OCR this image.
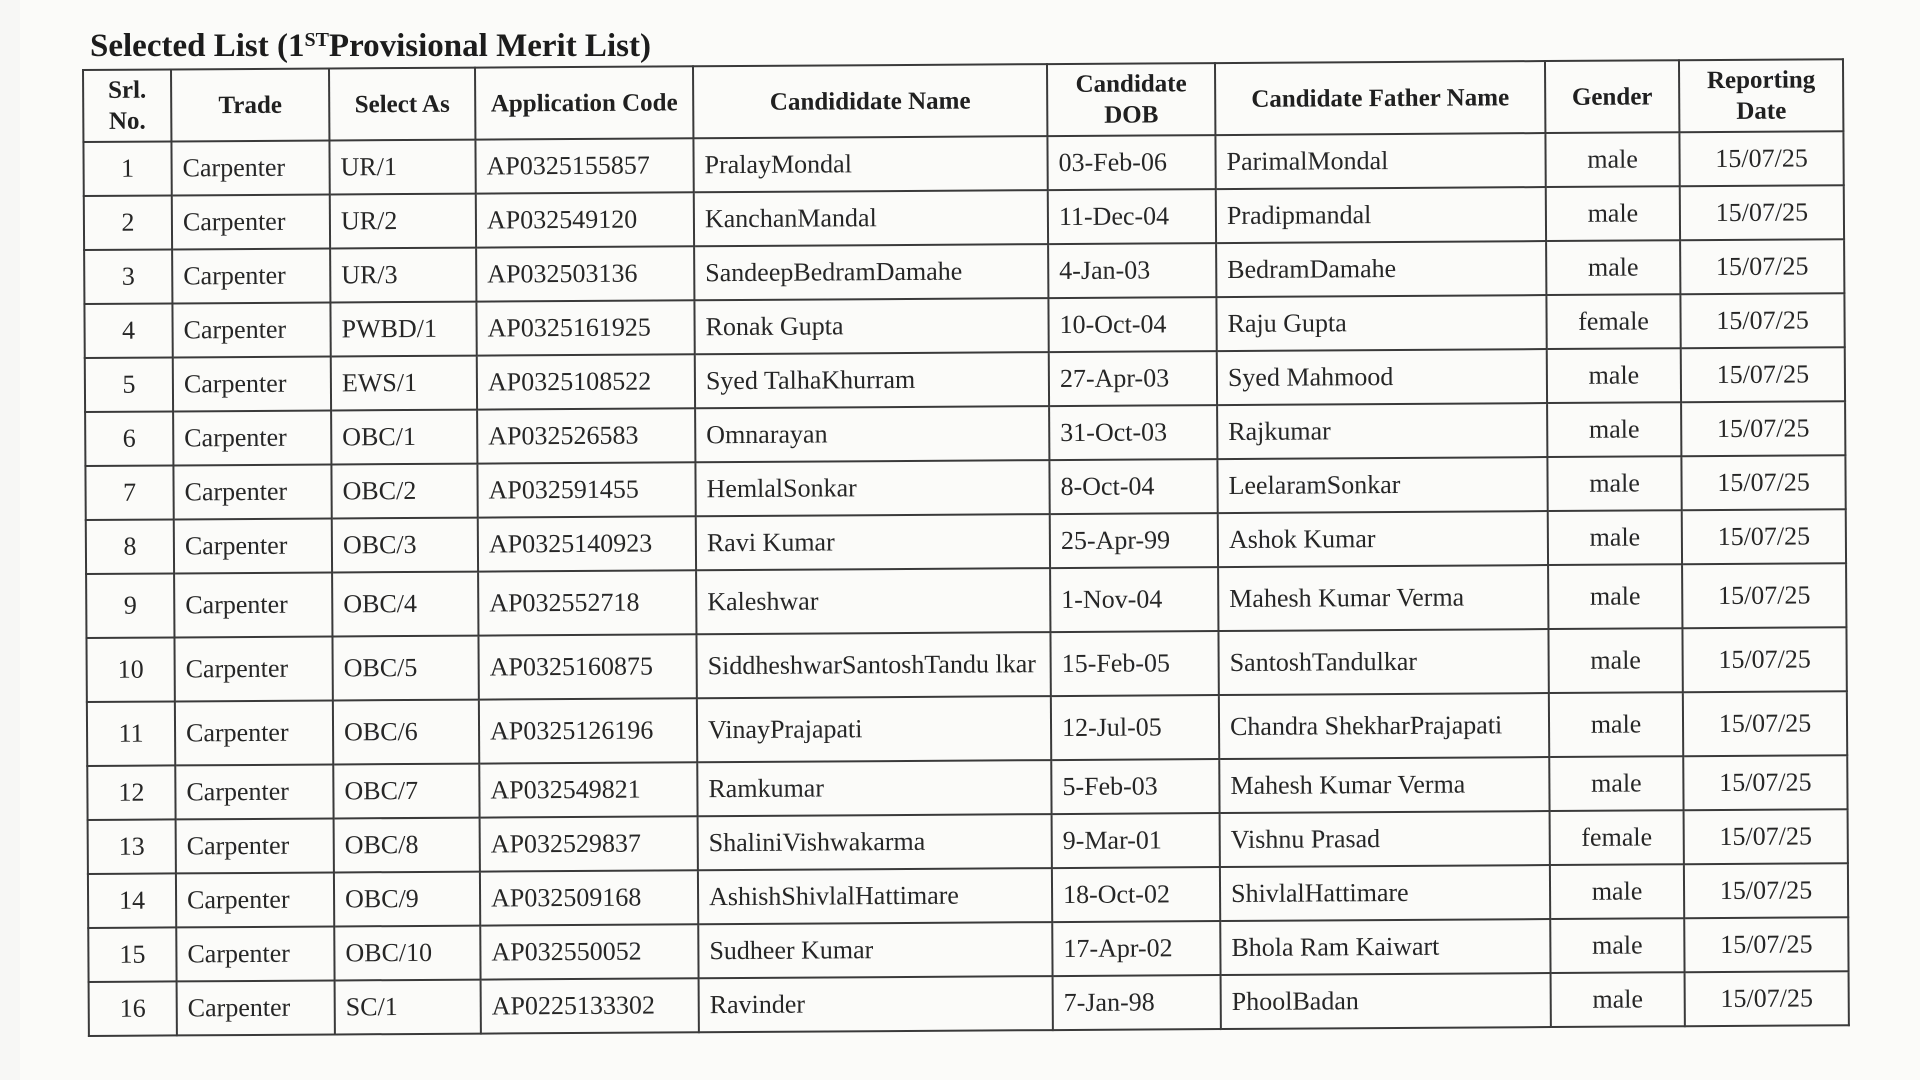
Selected List (1STProvisional Merit List)
Srl. No.	Trade	Select As	Application Code	Candididate Name	Candidate DOB	Candidate Father Name	Gender	Reporting Date
1	Carpenter	UR/1	AP0325155857	PralayMondal	03-Feb-06	ParimalMondal	male	15/07/25
2	Carpenter	UR/2	AP032549120	KanchanMandal	11-Dec-04	Pradipmandal	male	15/07/25
3	Carpenter	UR/3	AP032503136	SandeepBedramDamahe	4-Jan-03	BedramDamahe	male	15/07/25
4	Carpenter	PWBD/1	AP0325161925	Ronak Gupta	10-Oct-04	Raju Gupta	female	15/07/25
5	Carpenter	EWS/1	AP0325108522	Syed TalhaKhurram	27-Apr-03	Syed Mahmood	male	15/07/25
6	Carpenter	OBC/1	AP032526583	Omnarayan	31-Oct-03	Rajkumar	male	15/07/25
7	Carpenter	OBC/2	AP032591455	HemlalSonkar	8-Oct-04	LeelaramSonkar	male	15/07/25
8	Carpenter	OBC/3	AP0325140923	Ravi Kumar	25-Apr-99	Ashok Kumar	male	15/07/25
9	Carpenter	OBC/4	AP032552718	Kaleshwar	1-Nov-04	Mahesh Kumar Verma	male	15/07/25
10	Carpenter	OBC/5	AP0325160875	SiddheshwarSantoshTandu lkar	15-Feb-05	SantoshTandulkar	male	15/07/25
11	Carpenter	OBC/6	AP0325126196	VinayPrajapati	12-Jul-05	Chandra ShekharPrajapati	male	15/07/25
12	Carpenter	OBC/7	AP032549821	Ramkumar	5-Feb-03	Mahesh Kumar Verma	male	15/07/25
13	Carpenter	OBC/8	AP032529837	ShaliniVishwakarma	9-Mar-01	Vishnu Prasad	female	15/07/25
14	Carpenter	OBC/9	AP032509168	AshishShivlalHattimare	18-Oct-02	ShivlalHattimare	male	15/07/25
15	Carpenter	OBC/10	AP032550052	Sudheer Kumar	17-Apr-02	Bhola Ram Kaiwart	male	15/07/25
16	Carpenter	SC/1	AP0225133302	Ravinder	7-Jan-98	PhoolBadan	male	15/07/25
